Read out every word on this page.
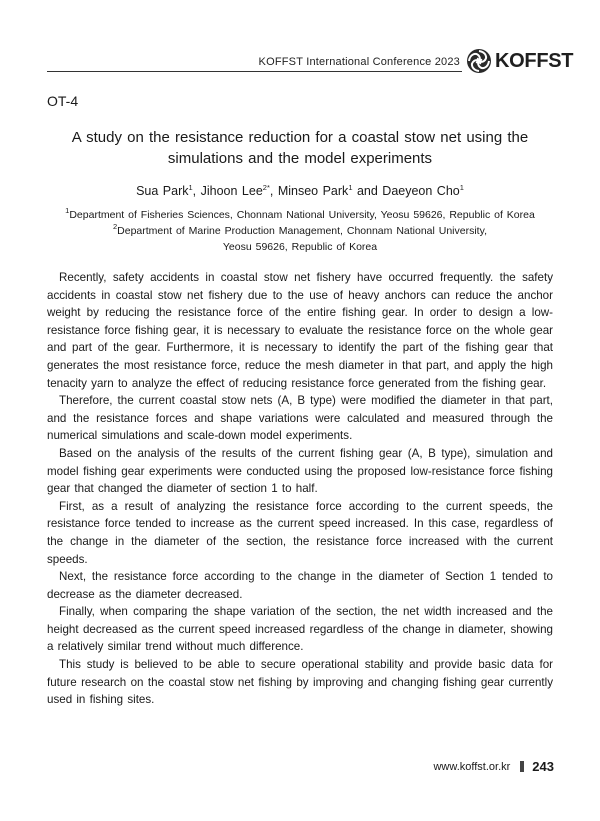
KOFFST International Conference 2023 KOFFST
OT-4
A study on the resistance reduction for a coastal stow net using the
simulations and the model experiments
Sua Park$^1$, Jihoon Lee$^{2*}$, Minseo Park$^1$ and Daeyeon Cho$^1$
$^1$Department of Fisheries Sciences, Chonnam National University, Yeosu 59626, Republic of Korea
$^2$Department of Marine Production Management, Chonnam National University,
Yeosu 59626, Republic of Korea

Recently, safety accidents in coastal stow net fishery have occurred frequently. the safety accidents in coastal stow net fishery due to the use of heavy anchors can reduce the anchor weight by reducing the resistance force of the entire fishing gear. In order to design a low-resistance force fishing gear, it is necessary to evaluate the resistance force on the whole gear and part of the gear. Furthermore, it is necessary to identify the part of the fishing gear that generates the most resistance force, reduce the mesh diameter in that part, and apply the high tenacity yarn to analyze the effect of reducing resistance force generated from the fishing gear.

Therefore, the current coastal stow nets (A, B type) were modified the diameter in that part, and the resistance forces and shape variations were calculated and measured through the numerical simulations and scale-down model experiments.

Based on the analysis of the results of the current fishing gear (A, B type), simulation and model fishing gear experiments were conducted using the proposed low-resistance force fishing gear that changed the diameter of section 1 to half.

First, as a result of analyzing the resistance force according to the current speeds, the resistance force tended to increase as the current speed increased. In this case, regardless of the change in the diameter of the section, the resistance force increased with the current speeds.

Next, the resistance force according to the change in the diameter of Section 1 tended to decrease as the diameter decreased.

Finally, when comparing the shape variation of the section, the net width increased and the height decreased as the current speed increased regardless of the change in diameter, showing a relatively similar trend without much difference.

This study is believed to be able to secure operational stability and provide basic data for future research on the coastal stow net fishing by improving and changing fishing gear currently used in fishing sites.

www.koffst.or.kr 243
